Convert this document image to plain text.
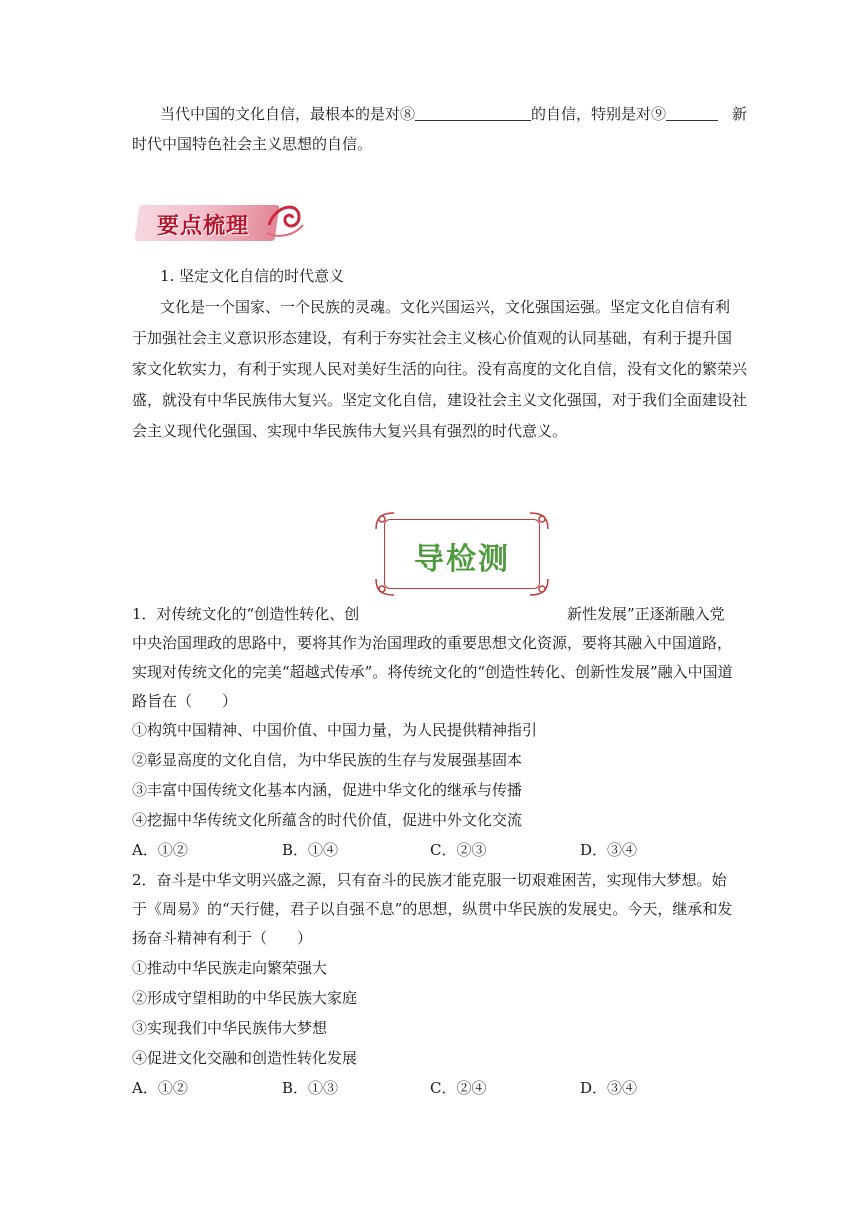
当代中国的文化自信，最根本的是对⑧	的自信，特别是对⑨	新
时代中国特色社会主义思想的自信。
要点梳理
1. 坚定文化自信的时代意义
文化是一个国家、一个民族的灵魂。文化兴国运兴，文化强国运强。坚定文化自信有利
于加强社会主义意识形态建设，有利于夯实社会主义核心价值观的认同基础，有利于提升国
家文化软实力，有利于实现人民对美好生活的向往。没有高度的文化自信，没有文化的繁荣兴
盛，就没有中华民族伟大复兴。坚定文化自信，建设社会主义文化强国，对于我们全面建设社
会主义现代化强国、实现中华民族伟大复兴具有强烈的时代意义。
导检测
1．对传统文化的“创造性转化、创	新性发展”正逐渐融入党
中央治国理政的思路中，要将其作为治国理政的重要思想文化资源，要将其融入中国道路，
实现对传统文化的完美“超越式传承”。将传统文化的“创造性转化、创新性发展”融入中国道
路旨在（　　）
①构筑中国精神、中国价值、中国力量，为人民提供精神指引
②彰显高度的文化自信，为中华民族的生存与发展强基固本
③丰富中国传统文化基本内涵，促进中华文化的继承与传播
④挖掘中华传统文化所蕴含的时代价值，促进中外文化交流
A．①②	B．①④	C．②③	D．③④
2．奋斗是中华文明兴盛之源，只有奋斗的民族才能克服一切艰难困苦，实现伟大梦想。始
于《周易》的“天行健，君子以自强不息”的思想，纵贯中华民族的发展史。今天，继承和发
扬奋斗精神有利于（　　）
①推动中华民族走向繁荣强大
②形成守望相助的中华民族大家庭
③实现我们中华民族伟大梦想
④促进文化交融和创造性转化发展
A．①②	B．①③	C．②④	D．③④
